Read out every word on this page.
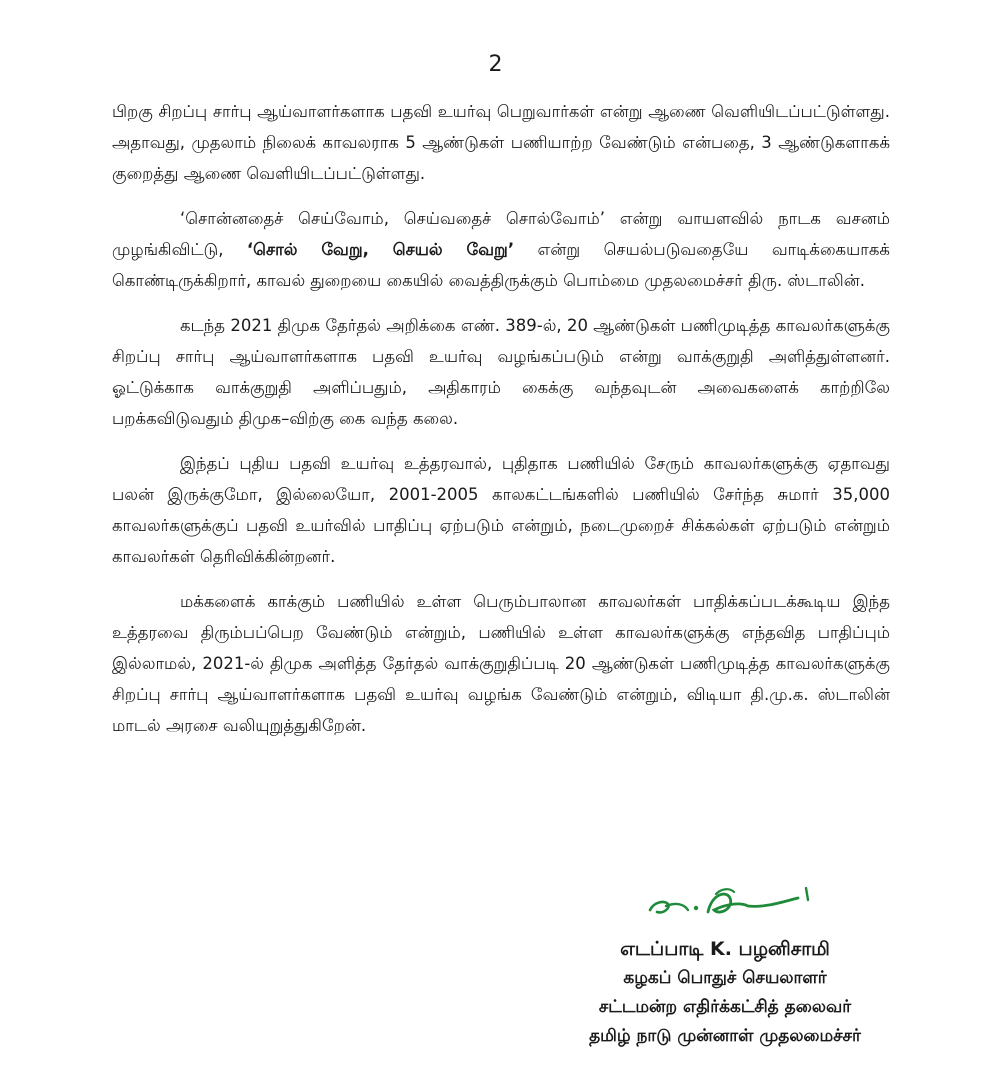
2

பிறகு சிறப்பு சார்பு ஆய்வாளர்களாக பதவி உயர்வு பெறுவார்கள் என்று ஆணை வெளியிடப்பட்டுள்ளது. அதாவது, முதலாம் நிலைக் காவலராக 5 ஆண்டுகள் பணியாற்ற வேண்டும் என்பதை, 3 ஆண்டுகளாகக் குறைத்து ஆணை வெளியிடப்பட்டுள்ளது.

‘சொன்னதைச் செய்வோம், செய்வதைச் சொல்வோம்’ என்று வாயளவில் நாடக வசனம் முழங்கிவிட்டு, ‘சொல் வேறு, செயல் வேறு’ என்று செயல்படுவதையே வாடிக்கையாகக் கொண்டிருக்கிறார், காவல் துறையை கையில் வைத்திருக்கும் பொம்மை முதலமைச்சர் திரு. ஸ்டாலின்.

கடந்த 2021 திமுக தேர்தல் அறிக்கை எண். 389-ல், 20 ஆண்டுகள் பணிமுடித்த காவலர்களுக்கு சிறப்பு சார்பு ஆய்வாளர்களாக பதவி உயர்வு வழங்கப்படும் என்று வாக்குறுதி அளித்துள்ளனர். ஓட்டுக்காக வாக்குறுதி அளிப்பதும், அதிகாரம் கைக்கு வந்தவுடன் அவைகளைக் காற்றிலே பறக்கவிடுவதும் திமுக–விற்கு கை வந்த கலை.

இந்தப் புதிய பதவி உயர்வு உத்தரவால், புதிதாக பணியில் சேரும் காவலர்களுக்கு ஏதாவது பலன் இருக்குமோ, இல்லையோ, 2001-2005 காலகட்டங்களில் பணியில் சேர்ந்த சுமார் 35,000 காவலர்களுக்குப் பதவி உயர்வில் பாதிப்பு ஏற்படும் என்றும், நடைமுறைச் சிக்கல்கள் ஏற்படும் என்றும் காவலர்கள் தெரிவிக்கின்றனர்.

மக்களைக் காக்கும் பணியில் உள்ள பெரும்பாலான காவலர்கள் பாதிக்கப்படக்கூடிய இந்த உத்தரவை திரும்பப்பெற வேண்டும் என்றும், பணியில் உள்ள காவலர்களுக்கு எந்தவித பாதிப்பும் இல்லாமல், 2021-ல் திமுக அளித்த தேர்தல் வாக்குறுதிப்படி 20 ஆண்டுகள் பணிமுடித்த காவலர்களுக்கு சிறப்பு சார்பு ஆய்வாளர்களாக பதவி உயர்வு வழங்க வேண்டும் என்றும், விடியா தி.மு.க. ஸ்டாலின் மாடல் அரசை வலியுறுத்துகிறேன்.

எடப்பாடி K. பழனிசாமி
கழகப் பொதுச் செயலாளர்
சட்டமன்ற எதிர்க்கட்சித் தலைவர்
தமிழ் நாடு முன்னாள் முதலமைச்சர்
